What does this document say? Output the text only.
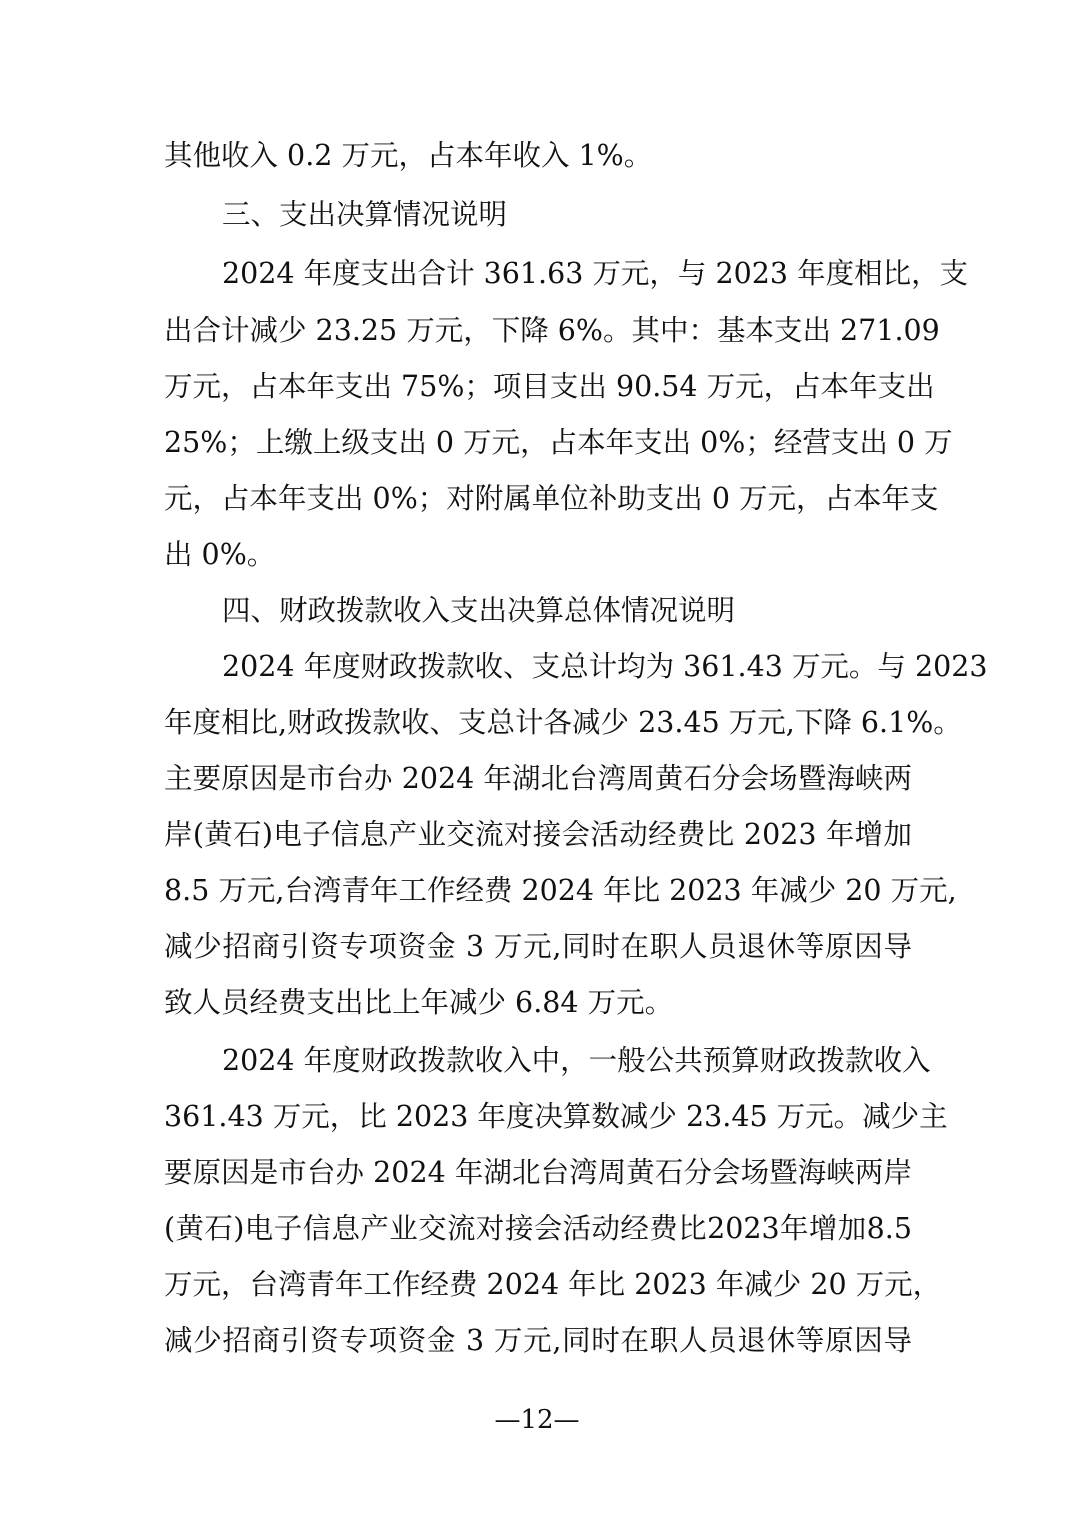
其他收入 0.2 万元，占本年收入 1%。
三、支出决算情况说明
2024 年度支出合计 361.63 万元，与 2023 年度相比，支
出合计减少 23.25 万元，下降 6%。其中：基本支出 271.09
万元，占本年支出 75%；项目支出 90.54 万元，占本年支出
25%；上缴上级支出 0 万元，占本年支出 0%；经营支出 0 万
元，占本年支出 0%；对附属单位补助支出 0 万元，占本年支
出 0%。
四、财政拨款收入支出决算总体情况说明
2024 年度财政拨款收、支总计均为 361.43 万元。与 2023
年度相比,财政拨款收、支总计各减少 23.45 万元,下降 6.1%。
主要原因是市台办 2024 年湖北台湾周黄石分会场暨海峡两
岸(黄石)电子信息产业交流对接会活动经费比 2023 年增加
8.5 万元,台湾青年工作经费 2024 年比 2023 年减少 20 万元,
减少招商引资专项资金 3 万元,同时在职人员退休等原因导
致人员经费支出比上年减少 6.84 万元。
2024 年度财政拨款收入中，一般公共预算财政拨款收入
361.43 万元，比 2023 年度决算数减少 23.45 万元。减少主
要原因是市台办 2024 年湖北台湾周黄石分会场暨海峡两岸
(黄石)电子信息产业交流对接会活动经费比2023年增加8.5
万元，台湾青年工作经费 2024 年比 2023 年减少 20 万元，
减少招商引资专项资金 3 万元,同时在职人员退休等原因导
—12—
